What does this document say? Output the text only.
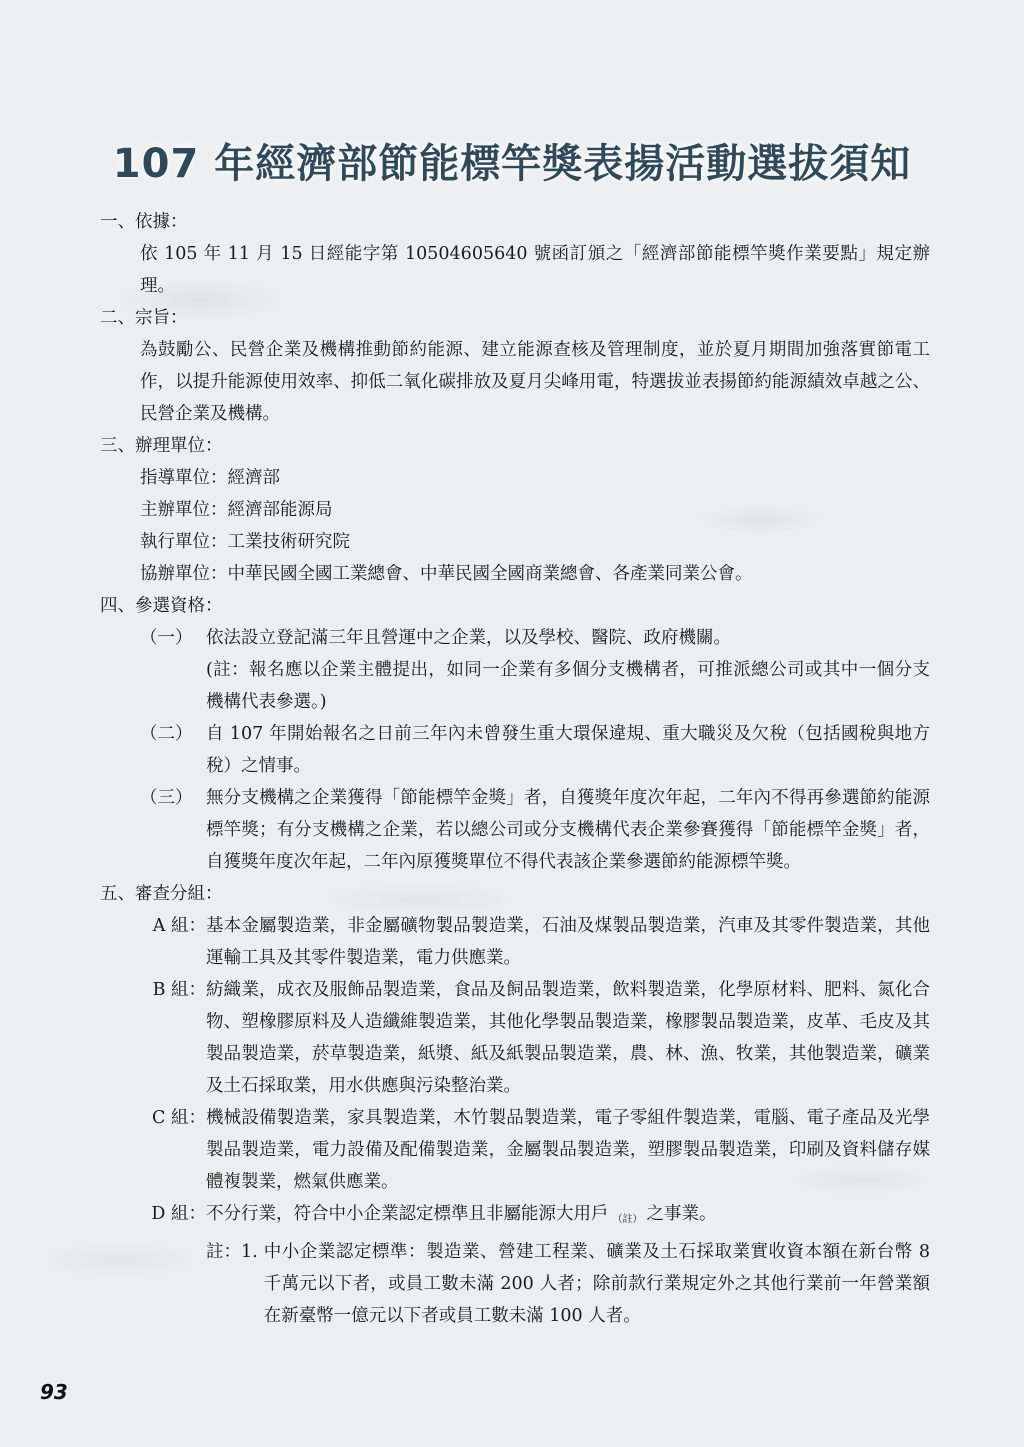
107 年經濟部節能標竿獎表揚活動選拔須知
一、依據：
依 105 年 11 月 15 日經能字第 10504605640 號函訂頒之「經濟部節能標竿獎作業要點」規定辦理。
二、宗旨：
為鼓勵公、民營企業及機構推動節約能源、建立能源查核及管理制度，並於夏月期間加強落實節電工作，以提升能源使用效率、抑低二氧化碳排放及夏月尖峰用電，特選拔並表揚節約能源績效卓越之公、民營企業及機構。
三、辦理單位：
指導單位：經濟部
主辦單位：經濟部能源局
執行單位：工業技術研究院
協辦單位：中華民國全國工業總會、中華民國全國商業總會、各產業同業公會。
四、參選資格：
（一） 依法設立登記滿三年且營運中之企業，以及學校、醫院、政府機關。
(註：報名應以企業主體提出，如同一企業有多個分支機構者，可推派總公司或其中一個分支機構代表參選。)
（二） 自 107 年開始報名之日前三年內未曾發生重大環保違規、重大職災及欠稅（包括國稅與地方稅）之情事。
（三） 無分支機構之企業獲得「節能標竿金獎」者，自獲獎年度次年起，二年內不得再參選節約能源標竿獎；有分支機構之企業，若以總公司或分支機構代表企業參賽獲得「節能標竿金獎」者，自獲獎年度次年起，二年內原獲獎單位不得代表該企業參選節約能源標竿獎。
五、審查分組：
A 組： 基本金屬製造業，非金屬礦物製品製造業，石油及煤製品製造業，汽車及其零件製造業，其他運輸工具及其零件製造業，電力供應業。
B 組： 紡織業，成衣及服飾品製造業，食品及飼品製造業，飲料製造業，化學原材料、肥料、氮化合物、塑橡膠原料及人造纖維製造業，其他化學製品製造業，橡膠製品製造業，皮革、毛皮及其製品製造業，菸草製造業，紙漿、紙及紙製品製造業，農、林、漁、牧業，其他製造業，礦業及土石採取業，用水供應與污染整治業。
C 組： 機械設備製造業，家具製造業，木竹製品製造業，電子零組件製造業，電腦、電子產品及光學製品製造業，電力設備及配備製造業，金屬製品製造業，塑膠製品製造業，印刷及資料儲存媒體複製業，燃氣供應業。
D 組： 不分行業，符合中小企業認定標準且非屬能源大用戶 $_{(註)}$ 之事業。
註：1. 中小企業認定標準：製造業、營建工程業、礦業及土石採取業實收資本額在新台幣 8 千萬元以下者，或員工數未滿 200 人者；除前款行業規定外之其他行業前一年營業額在新臺幣一億元以下者或員工數未滿 100 人者。
93
